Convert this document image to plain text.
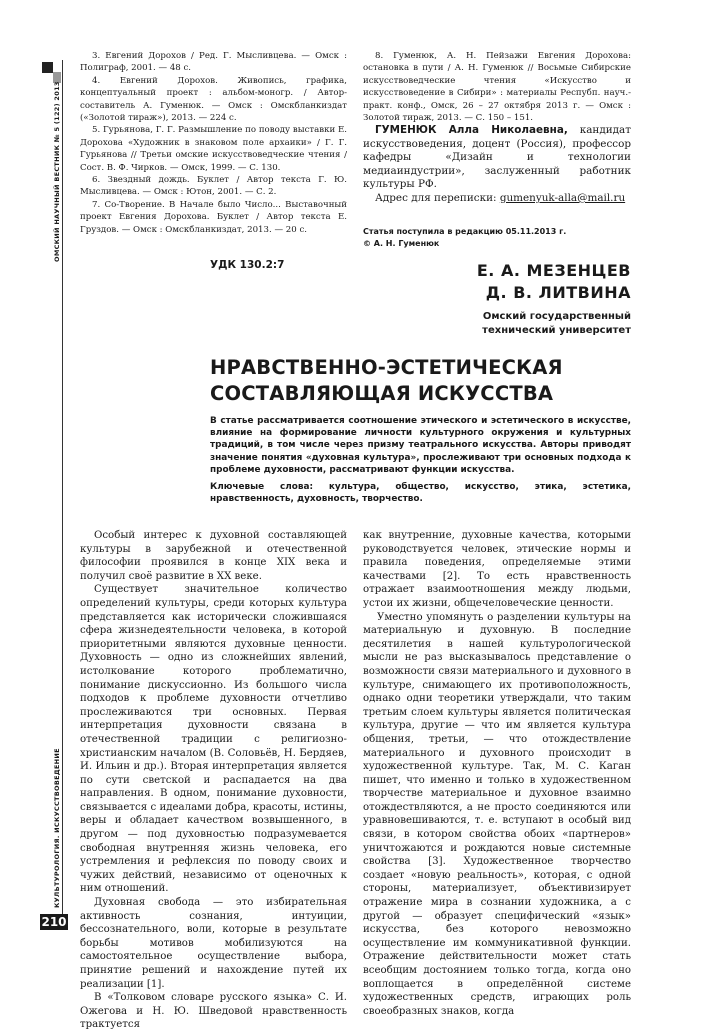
ОМСКИЙ НАУЧНЫЙ ВЕСТНИК № 5 (122) 2013
КУЛЬТУРОЛОГИЯ. ИСКУССТВОВЕДЕНИЕ
210

3. Евгений Дорохов / Ред. Г. Мысливцева. — Омск : Полиграф, 2001. — 48 с.

4. Евгений Дорохов. Живопись, графика, концептуальный проект : альбом-моногр. / Автор-составитель А. Гуменюк. — Омск : Омскбланкиздат («Золотой тираж»), 2013. — 224 с.

5. Гурьянова, Г. Г. Размышление по поводу выставки Е. Дорохова «Художник в знаковом поле архаики» / Г. Г. Гурьянова // Третьи омские искусствоведческие чтения / Сост. В. Ф. Чирков. — Омск, 1999. — С. 130.

6. Звездный дождь. Буклет / Автор текста Г. Ю. Мысливцева. — Омск : Ютон, 2001. — С. 2.

7. Со-Творение. В Начале было Число... Выставочный проект Евгения Дорохова. Буклет / Автор текста Е. Груздов. — Омск : Омскбланкиздат, 2013. — 20 с.

8. Гуменюк, А. Н. Пейзажи Евгения Дорохова: остановка в пути / А. Н. Гуменюк // Восьмые Сибирские искусствоведческие чтения «Искусство и искусствоведение в Сибири» : материалы Респубп. науч.-практ. конф., Омск, 26 – 27 октября 2013 г. — Омск : Золотой тираж, 2013. — С. 150 – 151.

ГУМЕНЮК Алла Николаевна, кандидат искусствоведения, доцент (Россия), профессор кафедры «Дизайн и технологии медиаиндустрии», заслуженный работник культуры РФ.

Адрес для переписки: gumenyuk-alla@mail.ru

Статья поступила в редакцию 05.11.2013 г.
© А. Н. Гуменюк
УДК 130.2:7	Е. А. МЕЗЕНЦЕВ
Д. В. ЛИТВИНА
Омский государственный
технический университет
НРАВСТВЕННО-ЭСТЕТИЧЕСКАЯ
СОСТАВЛЯЮЩАЯ ИСКУССТВА
В статье рассматривается соотношение этического и эстетического в искусстве, влияние на формирование личности культурного окружения и культурных традиций, в том числе через призму театрального искусства. Авторы приводят значение понятия «духовная культура», прослеживают три основных подхода к проблеме духовности, рассматривают функции искусства.
Ключевые слова: культура, общество, искусство, этика, эстетика, нравственность, духовность, творчество.

Особый интерес к духовной составляющей культуры в зарубежной и отечественной философии проявился в конце XIX века и получил своё развитие в XX веке.

Существует значительное количество определений культуры, среди которых культура представляется как исторически сложившаяся сфера жизнедеятельности человека, в которой приоритетными являются духовные ценности. Духовность — одно из сложнейших явлений, истолкование которого проблематично, понимание дискуссионно. Из большого числа подходов к проблеме духовности отчетливо прослеживаются три основных. Первая интерпретация духовности связана в отечественной традиции с религиозно-христианским началом (В. Соловьёв, Н. Бердяев, И. Ильин и др.). Вторая интерпретация является по сути светской и распадается на два направления. В одном, понимание духовности, связывается с идеалами добра, красоты, истины, веры и обладает качеством возвышенного, в другом — под духовностью подразумевается свободная внутренняя жизнь человека, его устремления и рефлексия по поводу своих и чужих действий, независимо от оценочных к ним отношений.

Духовная свобода — это избирательная активность сознания, интуиции, бессознательного, воли, которые в результате борьбы мотивов мобилизуются на самостоятельное осуществление выбора, принятие решений и нахождение путей их реализации [1].

В «Толковом словаре русского языка» С. И. Ожегова и Н. Ю. Шведовой нравственность трактуется

как внутренние, духовные качества, которыми руководствуется человек, этические нормы и правила поведения, определяемые этими качествами [2]. То есть нравственность отражает взаимоотношения между людьми, устои их жизни, общечеловеческие ценности.

Уместно упомянуть о разделении культуры на материальную и духовную. В последние десятилетия в нашей культурологической мысли не раз высказывалось представление о возможности связи материального и духовного в культуре, снимающего их противоположность, однако одни теоретики утверждали, что таким третьим слоем культуры является политическая культура, другие — что им является культура общения, третьи, — что отождествление материального и духовного происходит в художественной культуре. Так, М. С. Каган пишет, что именно и только в художественном творчестве материальное и духовное взаимно отождествляются, а не просто соединяются или уравновешиваются, т. е. вступают в особый вид связи, в котором свойства обоих «партнеров» уничтожаются и рождаются новые системные свойства [3]. Художественное творчество создает «новую реальность», которая, с одной стороны, материализует, объективизирует отражение мира в сознании художника, а с другой — образует специфический «язык» искусства, без которого невозможно осуществление им коммуникативной функции. Отражение действительности может стать всеобщим достоянием только тогда, когда оно воплощается в определённой системе художественных средств, играющих роль своеобразных знаков, когда
